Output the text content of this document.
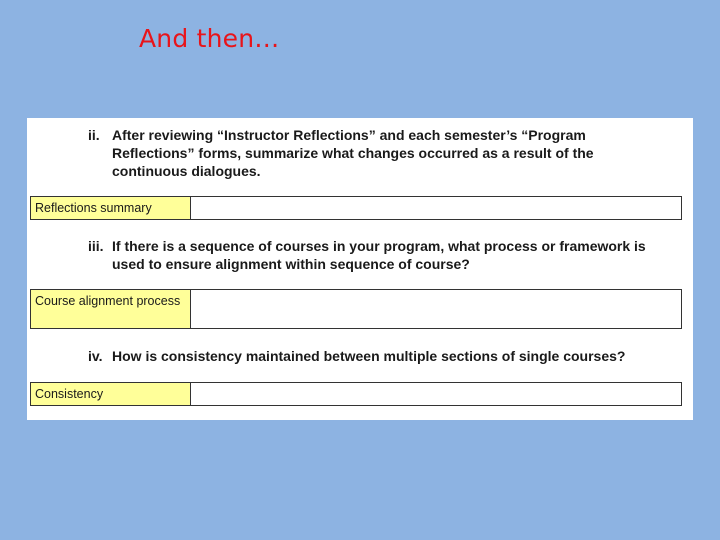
And then…
ii. After reviewing “Instructor Reflections” and each semester’s “Program Reflections” forms, summarize what changes occurred as a result of the continuous dialogues.
Reflections summary
iii. If there is a sequence of courses in your program, what process or framework is used to ensure alignment within sequence of course?
Course alignment process
iv. How is consistency maintained between multiple sections of single courses?
Consistency
